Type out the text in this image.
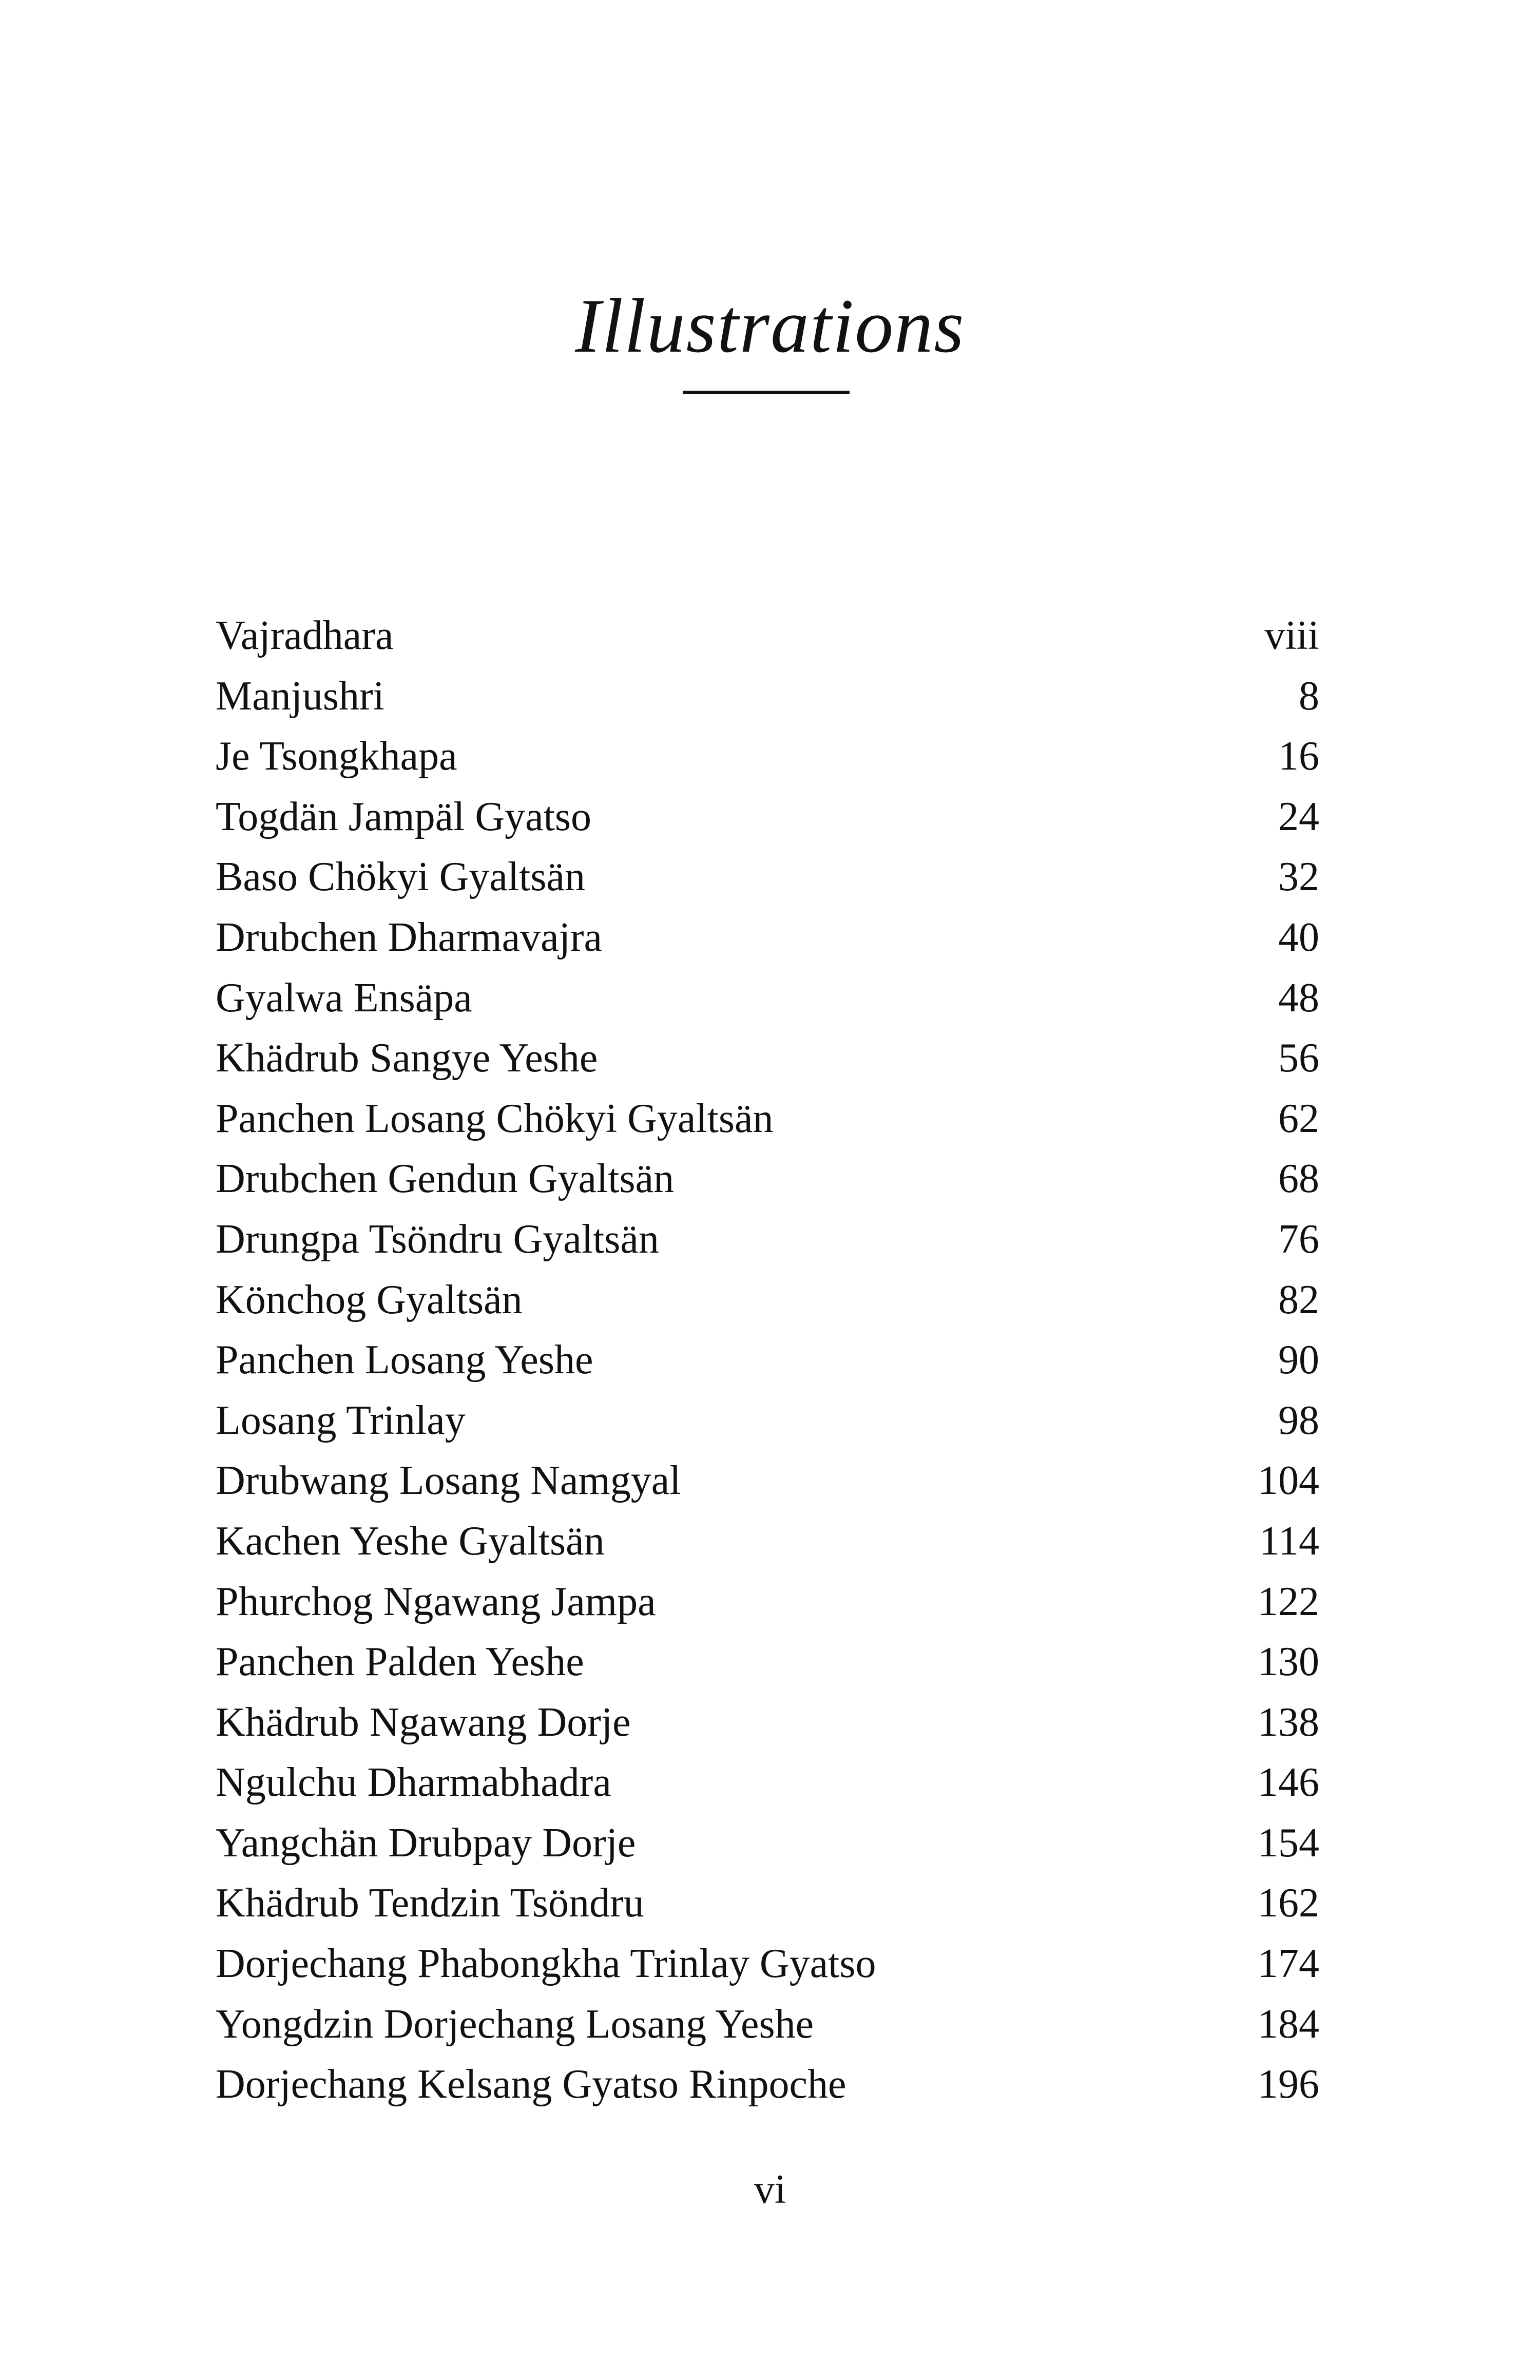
Illustrations
Vajradhara	viii
Manjushri	8
Je Tsongkhapa	16
Togdän Jampäl Gyatso	24
Baso Chökyi Gyaltsän	32
Drubchen Dharmavajra	40
Gyalwa Ensäpa	48
Khädrub Sangye Yeshe	56
Panchen Losang Chökyi Gyaltsän	62
Drubchen Gendun Gyaltsän	68
Drungpa Tsöndru Gyaltsän	76
Könchog Gyaltsän	82
Panchen Losang Yeshe	90
Losang Trinlay	98
Drubwang Losang Namgyal	104
Kachen Yeshe Gyaltsän	114
Phurchog Ngawang Jampa	122
Panchen Palden Yeshe	130
Khädrub Ngawang Dorje	138
Ngulchu Dharmabhadra	146
Yangchän Drubpay Dorje	154
Khädrub Tendzin Tsöndru	162
Dorjechang Phabongkha Trinlay Gyatso	174
Yongdzin Dorjechang Losang Yeshe	184
Dorjechang Kelsang Gyatso Rinpoche	196
vi
